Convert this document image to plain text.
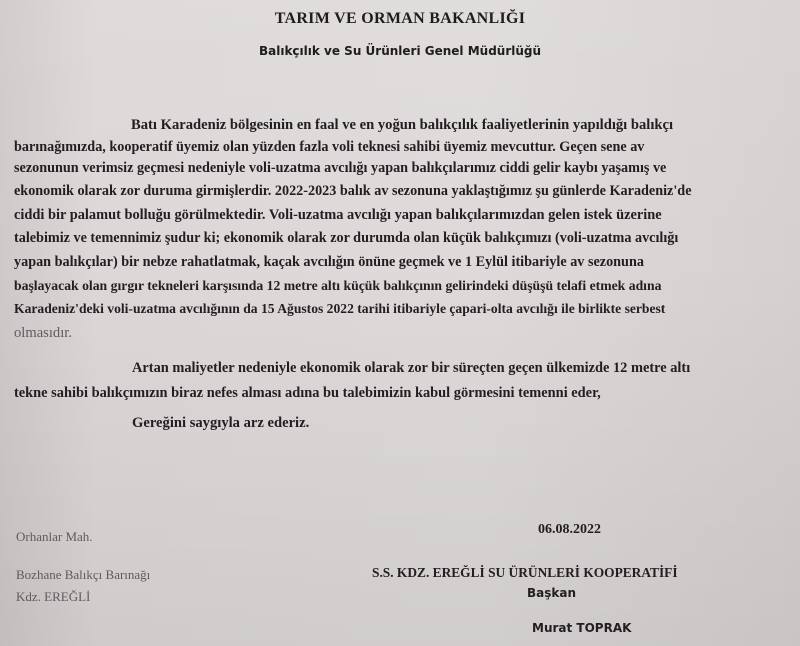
TARIM VE ORMAN BAKANLIĞI
Balıkçılık ve Su Ürünleri Genel Müdürlüğü
Batı Karadeniz bölgesinin en faal ve en yoğun balıkçılık faaliyetlerinin yapıldığı balıkçı
barınağımızda, kooperatif üyemiz olan yüzden fazla voli teknesi sahibi üyemiz mevcuttur. Geçen sene av
sezonunun verimsiz geçmesi nedeniyle voli-uzatma avcılığı yapan balıkçılarımız ciddi gelir kaybı yaşamış ve
ekonomik olarak zor duruma girmişlerdir. 2022-2023 balık av sezonuna yaklaştığımız şu günlerde Karadeniz'de
ciddi bir palamut bolluğu görülmektedir. Voli-uzatma avcılığı yapan balıkçılarımızdan gelen istek üzerine
talebimiz ve temennimiz şudur ki; ekonomik olarak zor durumda olan küçük balıkçımızı (voli-uzatma avcılığı
yapan balıkçılar) bir nebze rahatlatmak, kaçak avcılığın önüne geçmek ve 1 Eylül itibariyle av sezonuna
başlayacak olan gırgır tekneleri karşısında 12 metre altı küçük balıkçının gelirindeki düşüşü telafi etmek adına
Karadeniz'deki voli-uzatma avcılığının da 15 Ağustos 2022 tarihi itibariyle çapari-olta avcılığı ile birlikte serbest
olmasıdır.
Artan maliyetler nedeniyle ekonomik olarak zor bir süreçten geçen ülkemizde 12 metre altı
tekne sahibi balıkçımızın biraz nefes alması adına bu talebimizin kabul görmesini temenni eder,
Gereğini saygıyla arz ederiz.
06.08.2022
Orhanlar Mah.
Bozhane Balıkçı Barınağı
Kdz. EREĞLİ
S.S. KDZ. EREĞLİ SU ÜRÜNLERİ KOOPERATİFİ
Başkan
Murat TOPRAK
